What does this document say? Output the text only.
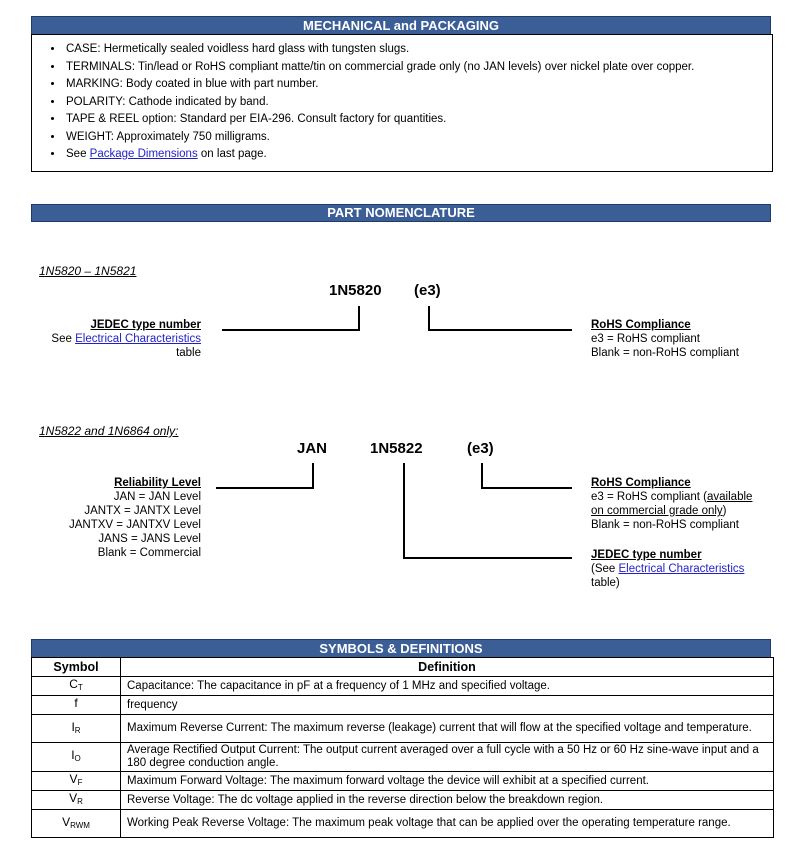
MECHANICAL and PACKAGING
• CASE: Hermetically sealed voidless hard glass with tungsten slugs.
• TERMINALS: Tin/lead or RoHS compliant matte/tin on commercial grade only (no JAN levels) over nickel plate over copper.
• MARKING: Body coated in blue with part number.
• POLARITY: Cathode indicated by band.
• TAPE & REEL option: Standard per EIA-296. Consult factory for quantities.
• WEIGHT: Approximately 750 milligrams.
• See Package Dimensions on last page.
PART NOMENCLATURE
1N5820 – 1N5821
1N5820 (e3)
JEDEC type number
See Electrical Characteristics
table
RoHS Compliance
e3 = RoHS compliant
Blank = non-RoHS compliant
1N5822 and 1N6864 only:
JAN	1N5822	(e3)
Reliability Level
JAN = JAN Level
JANTX = JANTX Level
JANTXV = JANTXV Level
JANS = JANS Level
Blank = Commercial
RoHS Compliance
e3 = RoHS compliant (available
on commercial grade only)
Blank = non-RoHS compliant
JEDEC type number
(See Electrical Characteristics
table)
SYMBOLS & DEFINITIONS
Symbol	Definition
$C_T$	Capacitance: The capacitance in pF at a frequency of 1 MHz and specified voltage.
f	frequency
$I_R$	Maximum Reverse Current: The maximum reverse (leakage) current that will flow at the specified voltage and temperature.
$I_O$	Average Rectified Output Current: The output current averaged over a full cycle with a 50 Hz or 60 Hz sine-wave input and a 180 degree conduction angle.
$V_F$	Maximum Forward Voltage: The maximum forward voltage the device will exhibit at a specified current.
$V_R$	Reverse Voltage: The dc voltage applied in the reverse direction below the breakdown region.
$V_{RWM}$	Working Peak Reverse Voltage: The maximum peak voltage that can be applied over the operating temperature range.
